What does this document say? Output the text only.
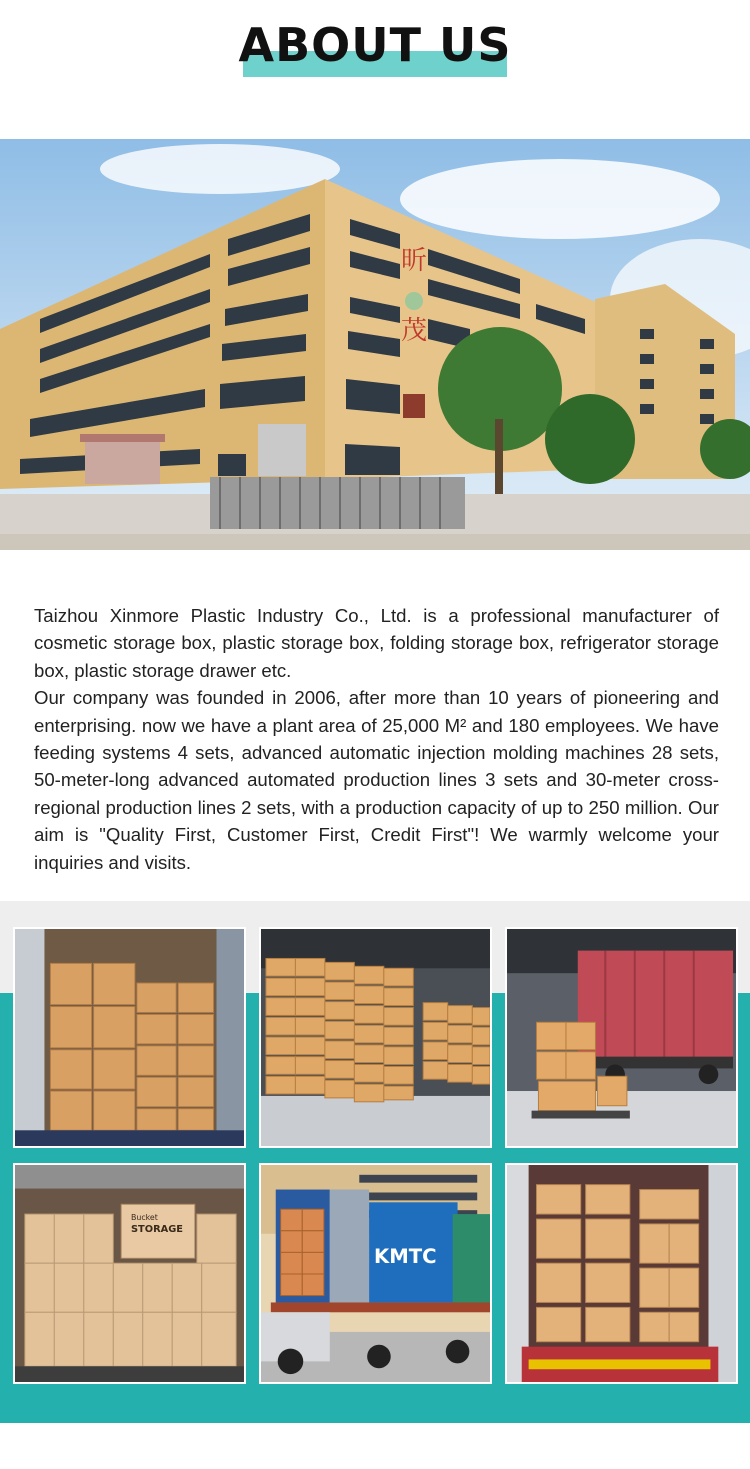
ABOUT US
昕
茂

Taizhou Xinmore Plastic Industry Co., Ltd. is a professional manufacturer of cosmetic storage box, plastic storage box, folding storage box, refrigerator storage box, plastic storage drawer etc.

Our company was founded in 2006, after more than 10 years of pioneering and enterprising. now we have a plant area of 25,000 M² and 180 employees. We have feeding systems 4 sets, advanced automatic injection molding machines 28 sets, 50-meter-long advanced automated production lines 3 sets and 30-meter cross-regional production lines 2 sets, with a production capacity of up to 250 million. Our aim is "Quality First, Customer First, Credit First"! We warmly welcome your inquiries and visits.

Bucket
STORAGE
KMTC
